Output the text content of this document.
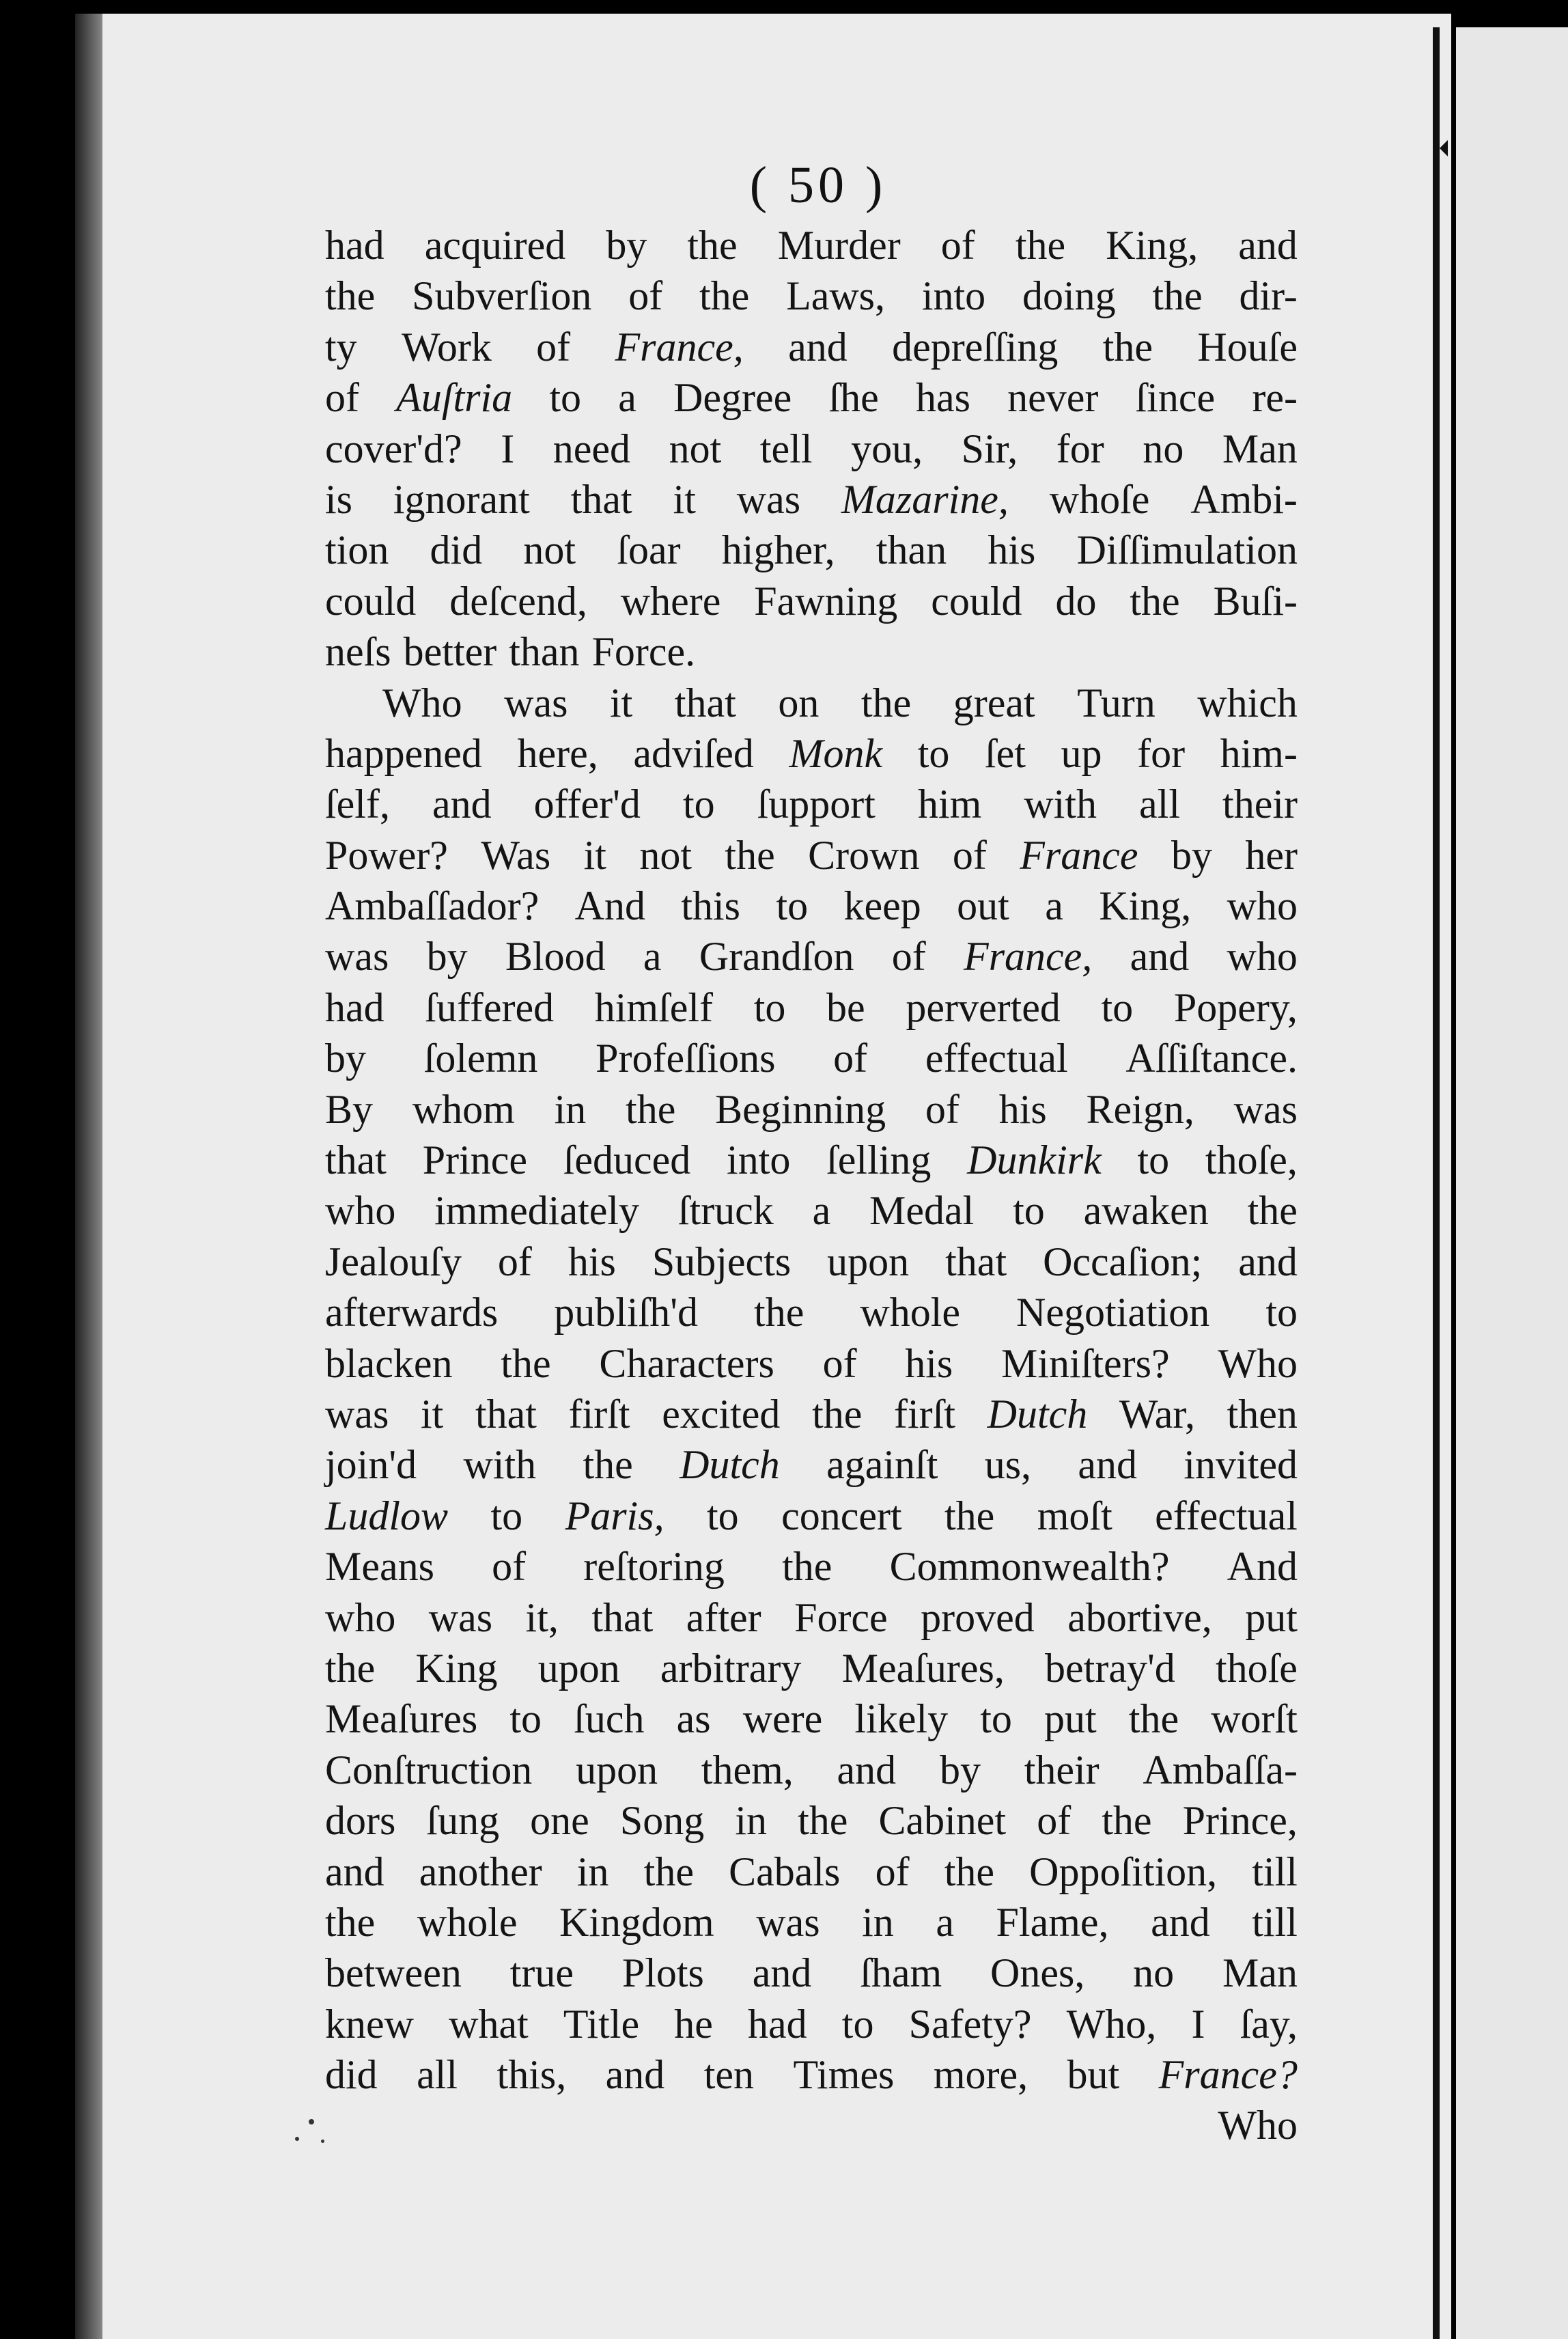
( 50 )
had acquired by the Murder of the King, and
the Subverſion of the Laws, into doing the dir-
ty Work of France, and depreſſing the Houſe
of Auſtria to a Degree ſhe has never ſince re-
cover'd? I need not tell you, Sir, for no Man
is ignorant that it was Mazarine, whoſe Ambi-
tion did not ſoar higher, than his Diſſimulation
could deſcend, where Fawning could do the Buſi-
neſs better than Force.
Who was it that on the great Turn which
happened here, adviſed Monk to ſet up for him-
ſelf, and offer'd to ſupport him with all their
Power? Was it not the Crown of France by her
Ambaſſador? And this to keep out a King, who
was by Blood a Grandſon of France, and who
had ſuffered himſelf to be perverted to Popery,
by ſolemn Profeſſions of effectual Aſſiſtance.
By whom in the Beginning of his Reign, was
that Prince ſeduced into ſelling Dunkirk to thoſe,
who immediately ſtruck a Medal to awaken the
Jealouſy of his Subjects upon that Occaſion; and
afterwards publiſh'd the whole Negotiation to
blacken the Characters of his Miniſters? Who
was it that firſt excited the firſt Dutch War, then
join'd with the Dutch againſt us, and invited
Ludlow to Paris, to concert the moſt effectual
Means of reſtoring the Commonwealth? And
who was it, that after Force proved abortive, put
the King upon arbitrary Meaſures, betray'd thoſe
Meaſures to ſuch as were likely to put the worſt
Conſtruction upon them, and by their Ambaſſa-
dors ſung one Song in the Cabinet of the Prince,
and another in the Cabals of the Oppoſition, till
the whole Kingdom was in a Flame, and till
between true Plots and ſham Ones, no Man
knew what Title he had to Safety? Who, I ſay,
did all this, and ten Times more, but France?
Who
